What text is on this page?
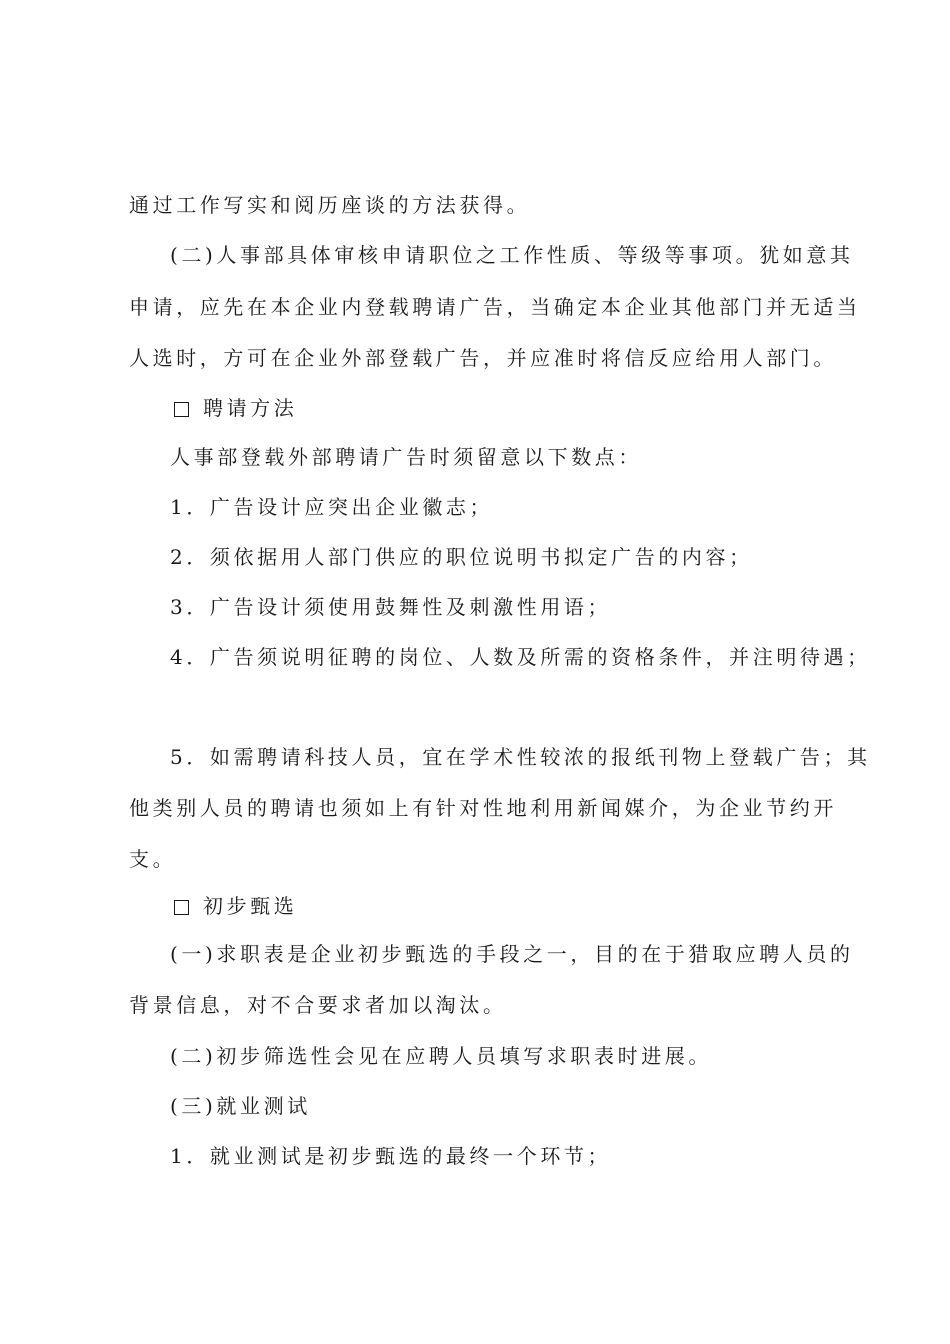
通过工作写实和阅历座谈的方法获得。
(二)人事部具体审核申请职位之工作性质、等级等事项。犹如意其
申请，应先在本企业内登载聘请广告，当确定本企业其他部门并无适当
人选时，方可在企业外部登载广告，并应准时将信反应给用人部门。
聘请方法
人事部登载外部聘请广告时须留意以下数点：
1．广告设计应突出企业徽志；
2．须依据用人部门供应的职位说明书拟定广告的内容；
3．广告设计须使用鼓舞性及刺激性用语；
4．广告须说明征聘的岗位、人数及所需的资格条件，并注明待遇；
5．如需聘请科技人员，宜在学术性较浓的报纸刊物上登载广告；其
他类别人员的聘请也须如上有针对性地利用新闻媒介，为企业节约开
支。
初步甄选
(一)求职表是企业初步甄选的手段之一，目的在于猎取应聘人员的
背景信息，对不合要求者加以淘汰。
(二)初步筛选性会见在应聘人员填写求职表时进展。
(三)就业测试
1．就业测试是初步甄选的最终一个环节；
